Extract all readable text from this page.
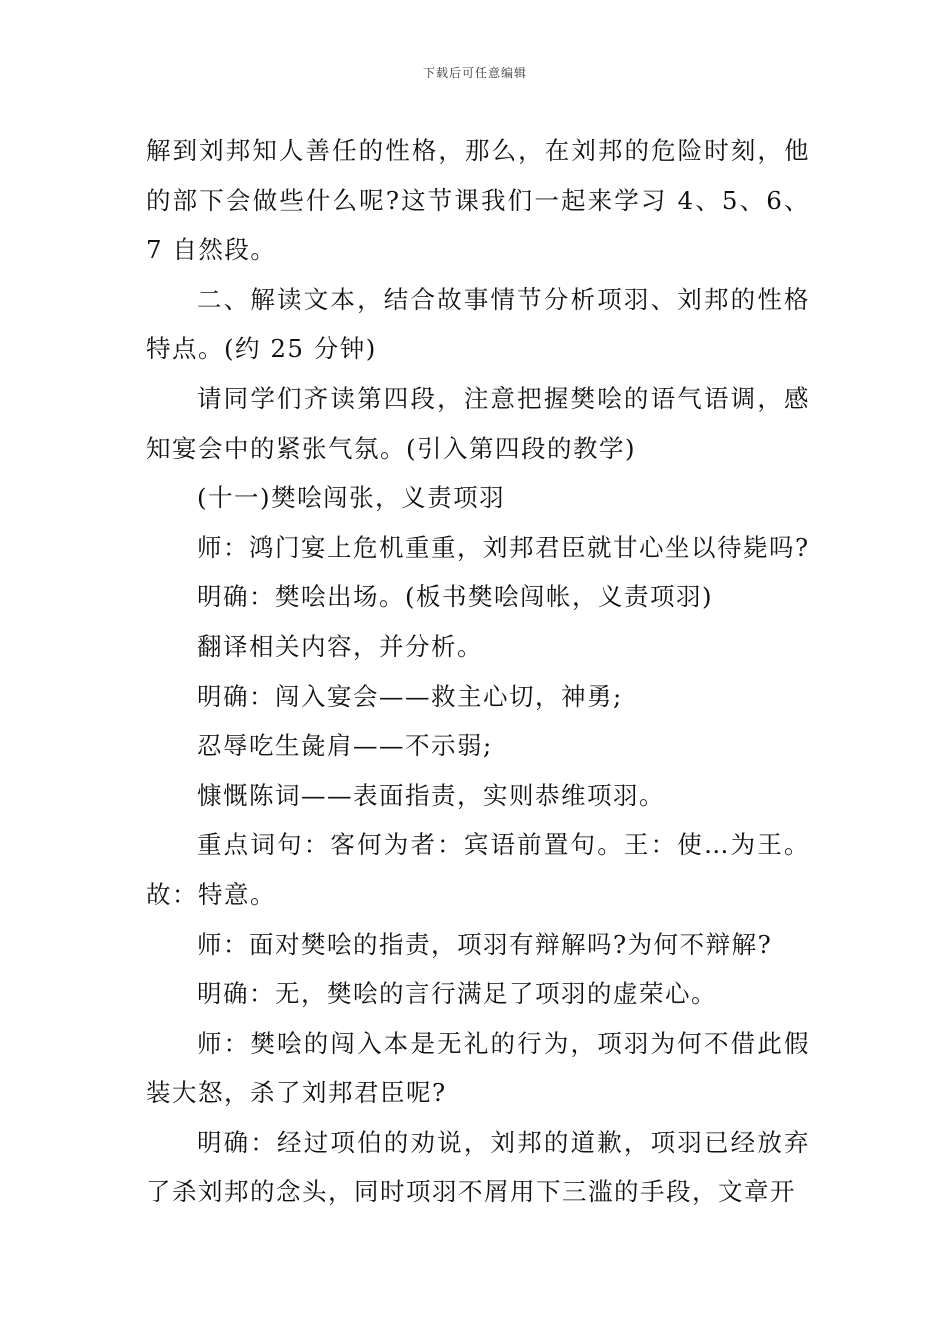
下载后可任意编辑

解到刘邦知人善任的性格，那么，在刘邦的危险时刻，他的部下会做些什么呢?这节课我们一起来学习 4、5、6、7 自然段。

二、解读文本，结合故事情节分析项羽、刘邦的性格特点。(约 25 分钟)

请同学们齐读第四段，注意把握樊哙的语气语调，感知宴会中的紧张气氛。(引入第四段的教学)

(十一)樊哙闯张，义责项羽

师：鸿门宴上危机重重，刘邦君臣就甘心坐以待毙吗?

明确：樊哙出场。(板书樊哙闯帐，义责项羽)

翻译相关内容，并分析。

明确：闯入宴会——救主心切，神勇;

忍辱吃生彘肩——不示弱;

慷慨陈词——表面指责，实则恭维项羽。

重点词句：客何为者：宾语前置句。王：使…为王。故：特意。

师：面对樊哙的指责，项羽有辩解吗?为何不辩解?

明确：无，樊哙的言行满足了项羽的虚荣心。

师：樊哙的闯入本是无礼的行为，项羽为何不借此假装大怒，杀了刘邦君臣呢?

明确：经过项伯的劝说，刘邦的道歉，项羽已经放弃了杀刘邦的念头，同时项羽不屑用下三滥的手段，文章开
